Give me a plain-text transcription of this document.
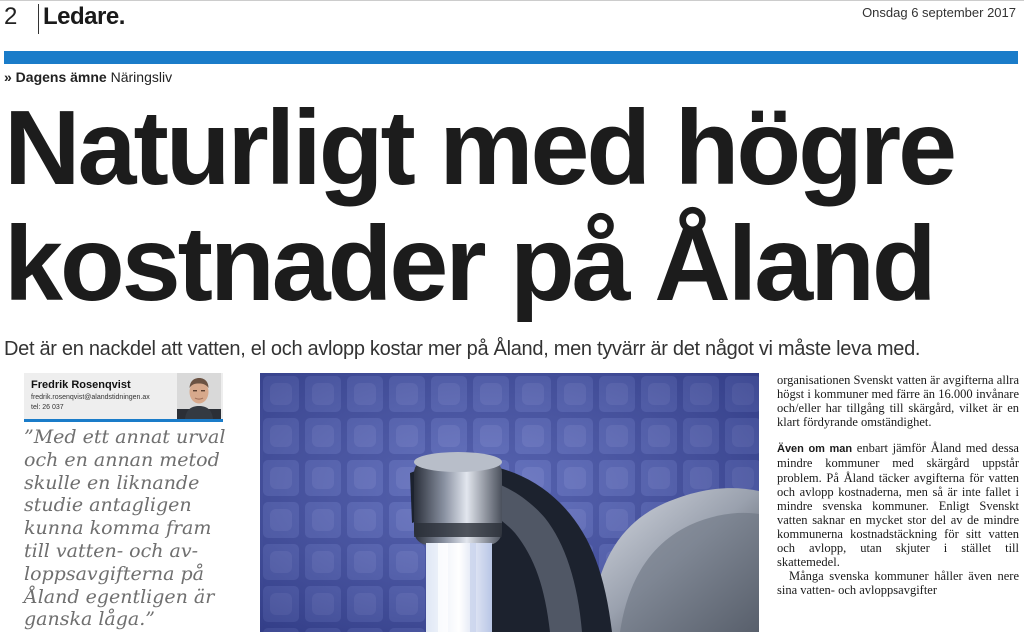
2 Ledare.	Onsdag 6 september 2017
» Dagens ämne Näringsliv
Naturligt med högre
kostnader på Åland
Det är en nackdel att vatten, el och avlopp kostar mer på Åland, men tyvärr är det något vi måste leva med.
Fredrik Rosenqvist
fredrik.rosenqvist@alandstidningen.ax
tel: 26 037
”Med ett annat urval
och en annan metod
skulle en liknande
studie antagligen
kunna komma fram
till vatten- och av-
loppsavgifterna på
Åland egentligen är
ganska låga.”

organisationen Svenskt vatten är avgifterna allra högst i kommuner med färre än 16.000 invånare och/eller har tillgång till skärgård, vilket är en klart fördyrande omständighet.

Även om man enbart jämför Åland med dessa mindre kommuner med skärgård uppstår problem. På Åland täcker avgifterna för vatten och avlopp kostnaderna, men så är inte fallet i mindre svenska kommuner. Enligt Svenskt vatten saknar en mycket stor del av de mindre kommunerna kostnadstäckning för sitt vatten och avlopp, utan skjuter i stället till skattemedel.

Många svenska kommuner håller även nere sina vatten- och avloppsavgifter
